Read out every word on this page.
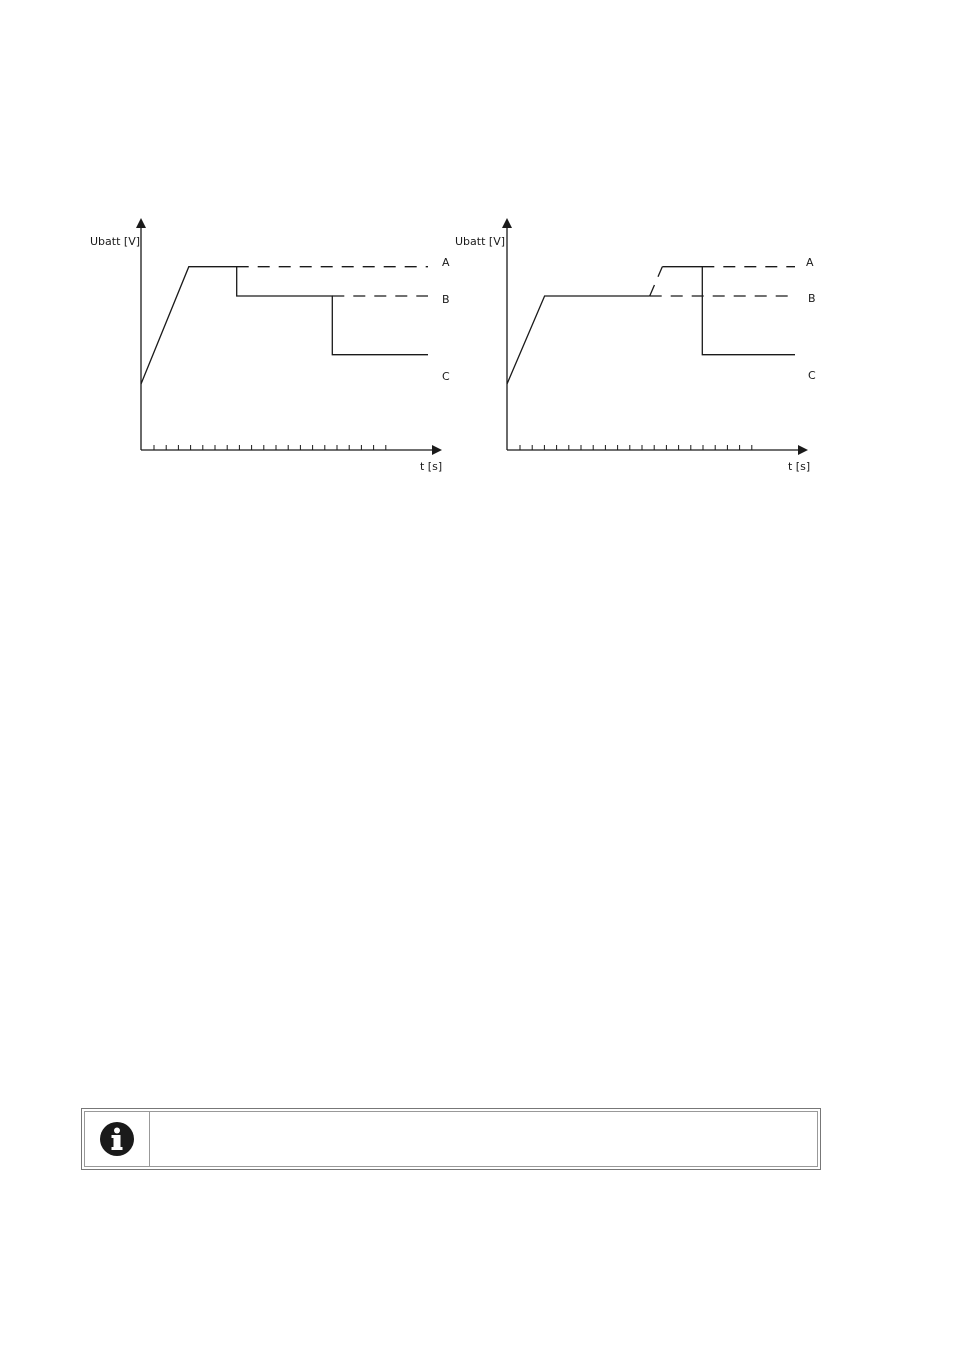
Ubatt [V]
t [s]
A
B
C
Ubatt [V]
t [s]
A
B
C
